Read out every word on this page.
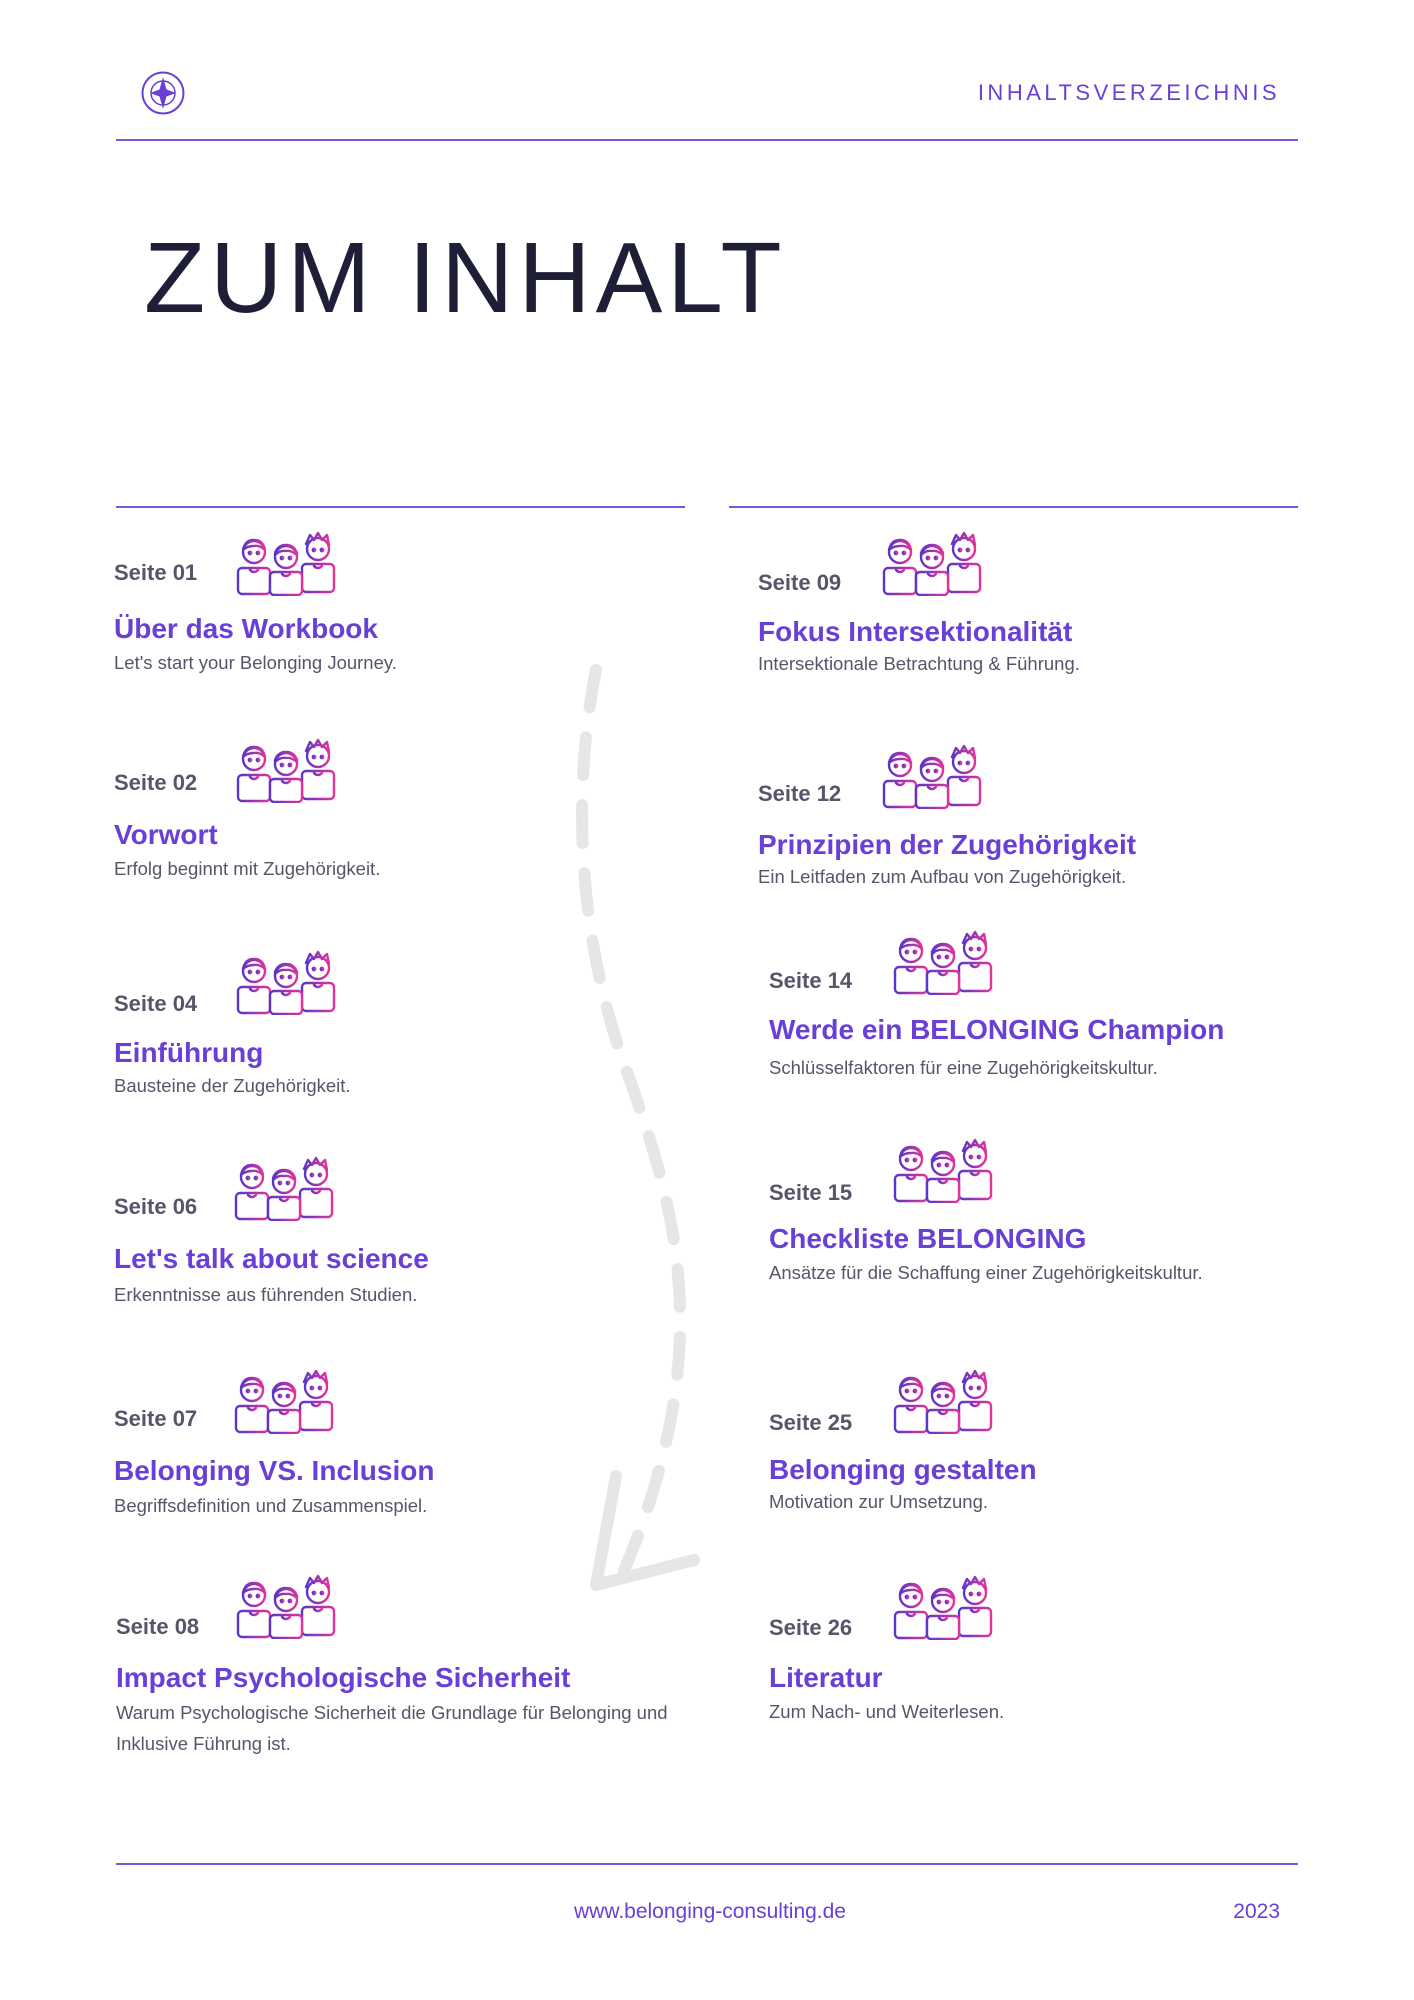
INHALTSVERZEICHNIS
ZUM INHALT
Seite 01
Über das Workbook
Let's start your Belonging Journey.
Seite 02
Vorwort
Erfolg beginnt mit Zugehörigkeit.
Seite 04
Einführung
Bausteine der Zugehörigkeit.
Seite 06
Let's talk about science
Erkenntnisse aus führenden Studien.
Seite 07
Belonging VS. Inclusion
Begriffsdefinition und Zusammenspiel.
Seite 08
Impact Psychologische Sicherheit
Warum Psychologische Sicherheit die Grundlage für Belonging und Inklusive Führung ist.
Seite 09
Fokus Intersektionalität
Intersektionale Betrachtung & Führung.
Seite 12
Prinzipien der Zugehörigkeit
Ein Leitfaden zum Aufbau von Zugehörigkeit.
Seite 14
Werde ein BELONGING Champion
Schlüsselfaktoren für eine Zugehörigkeitskultur.
Seite 15
Checkliste BELONGING
Ansätze für die Schaffung einer Zugehörigkeitskultur.
Seite 25
Belonging gestalten
Motivation zur Umsetzung.
Seite 26
Literatur
Zum Nach- und Weiterlesen.
www.belonging-consulting.de	2023
